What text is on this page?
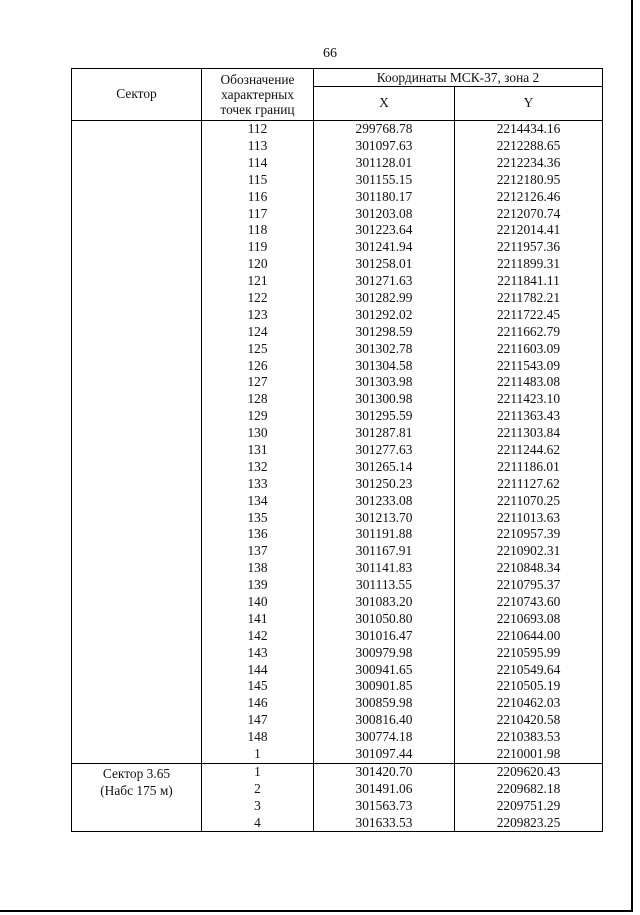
66
Сектор	Обозначение
характерных
точек границ	Координаты МСК-37, зона 2	
		X	Y

	112	299768.78	2214434.16
	113	301097.63	2212288.65
	114	301128.01	2212234.36
	115	301155.15	2212180.95
	116	301180.17	2212126.46
	117	301203.08	2212070.74
	118	301223.64	2212014.41
	119	301241.94	2211957.36
	120	301258.01	2211899.31
	121	301271.63	2211841.11
	122	301282.99	2211782.21
	123	301292.02	2211722.45
	124	301298.59	2211662.79
	125	301302.78	2211603.09
	126	301304.58	2211543.09
	127	301303.98	2211483.08
	128	301300.98	2211423.10
	129	301295.59	2211363.43
	130	301287.81	2211303.84
	131	301277.63	2211244.62
	132	301265.14	2211186.01
	133	301250.23	2211127.62
	134	301233.08	2211070.25
	135	301213.70	2211013.63
	136	301191.88	2210957.39
	137	301167.91	2210902.31
	138	301141.83	2210848.34
	139	301113.55	2210795.37
	140	301083.20	2210743.60
	141	301050.80	2210693.08
	142	301016.47	2210644.00
	143	300979.98	2210595.99
	144	300941.65	2210549.64
	145	300901.85	2210505.19
	146	300859.98	2210462.03
	147	300816.40	2210420.58
	148	300774.18	2210383.53
	1	301097.44	2210001.98

Сектор 3.65
(Набс 175 м)	1	301420.70	2209620.43
	2	301491.06	2209682.18
	3	301563.73	2209751.29
	4	301633.53	2209823.25
